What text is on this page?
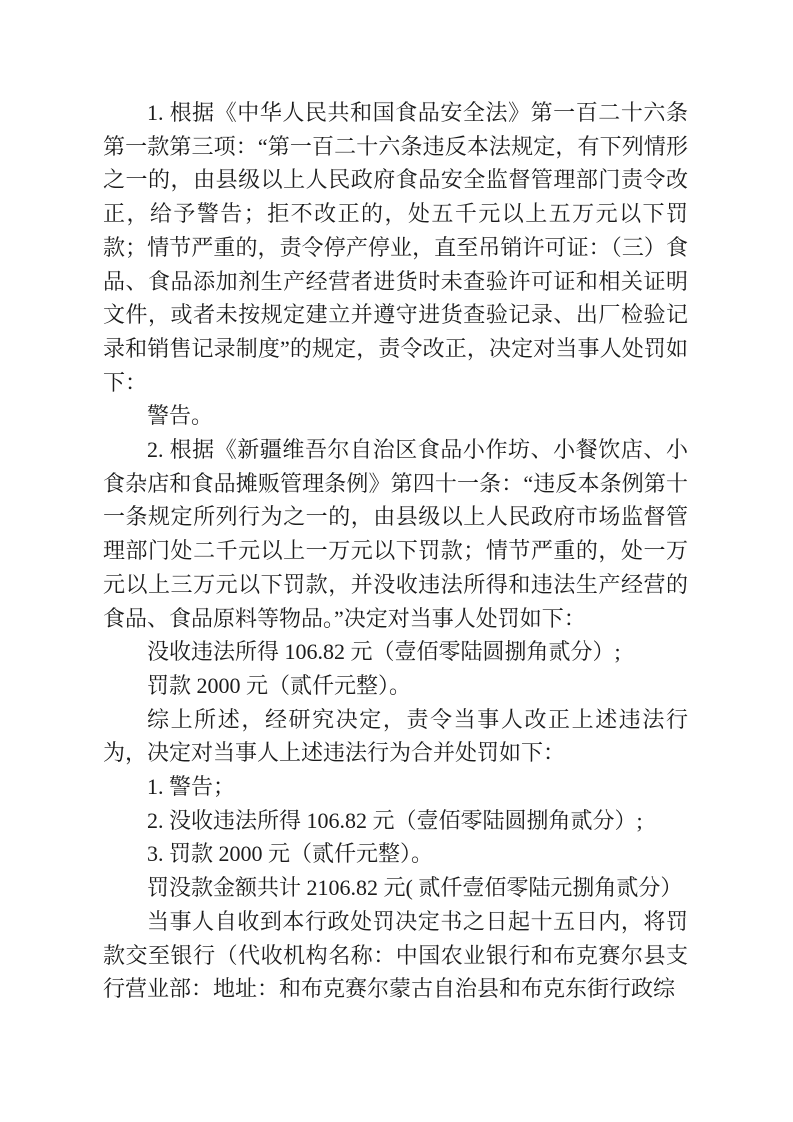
1. 根据《中华人民共和国食品安全法》第一百二十六条第一款第三项：“第一百二十六条违反本法规定，有下列情形之一的，由县级以上人民政府食品安全监督管理部门责令改正，给予警告；拒不改正的，处五千元以上五万元以下罚款；情节严重的，责令停产停业，直至吊销许可证：（三）食品、食品添加剂生产经营者进货时未查验许可证和相关证明文件，或者未按规定建立并遵守进货查验记录、出厂检验记录和销售记录制度”的规定，责令改正，决定对当事人处罚如下：

警告。

2. 根据《新疆维吾尔自治区食品小作坊、小餐饮店、小食杂店和食品摊贩管理条例》第四十一条：“违反本条例第十一条规定所列行为之一的，由县级以上人民政府市场监督管理部门处二千元以上一万元以下罚款；情节严重的，处一万元以上三万元以下罚款，并没收违法所得和违法生产经营的食品、食品原料等物品。”决定对当事人处罚如下：

没收违法所得 106.82 元（壹佰零陆圆捌角贰分）;

罚款 2000 元（贰仟元整）。

综上所述，经研究决定，责令当事人改正上述违法行为，决定对当事人上述违法行为合并处罚如下：

1. 警告；

2. 没收违法所得 106.82 元（壹佰零陆圆捌角贰分）;

3. 罚款 2000 元（贰仟元整）。

罚没款金额共计 2106.82 元( 贰仟壹佰零陆元捌角贰分）

当事人自收到本行政处罚决定书之日起十五日内，将罚款交至银行（代收机构名称：中国农业银行和布克赛尔县支行营业部：地址：和布克赛尔蒙古自治县和布克东街行政综
